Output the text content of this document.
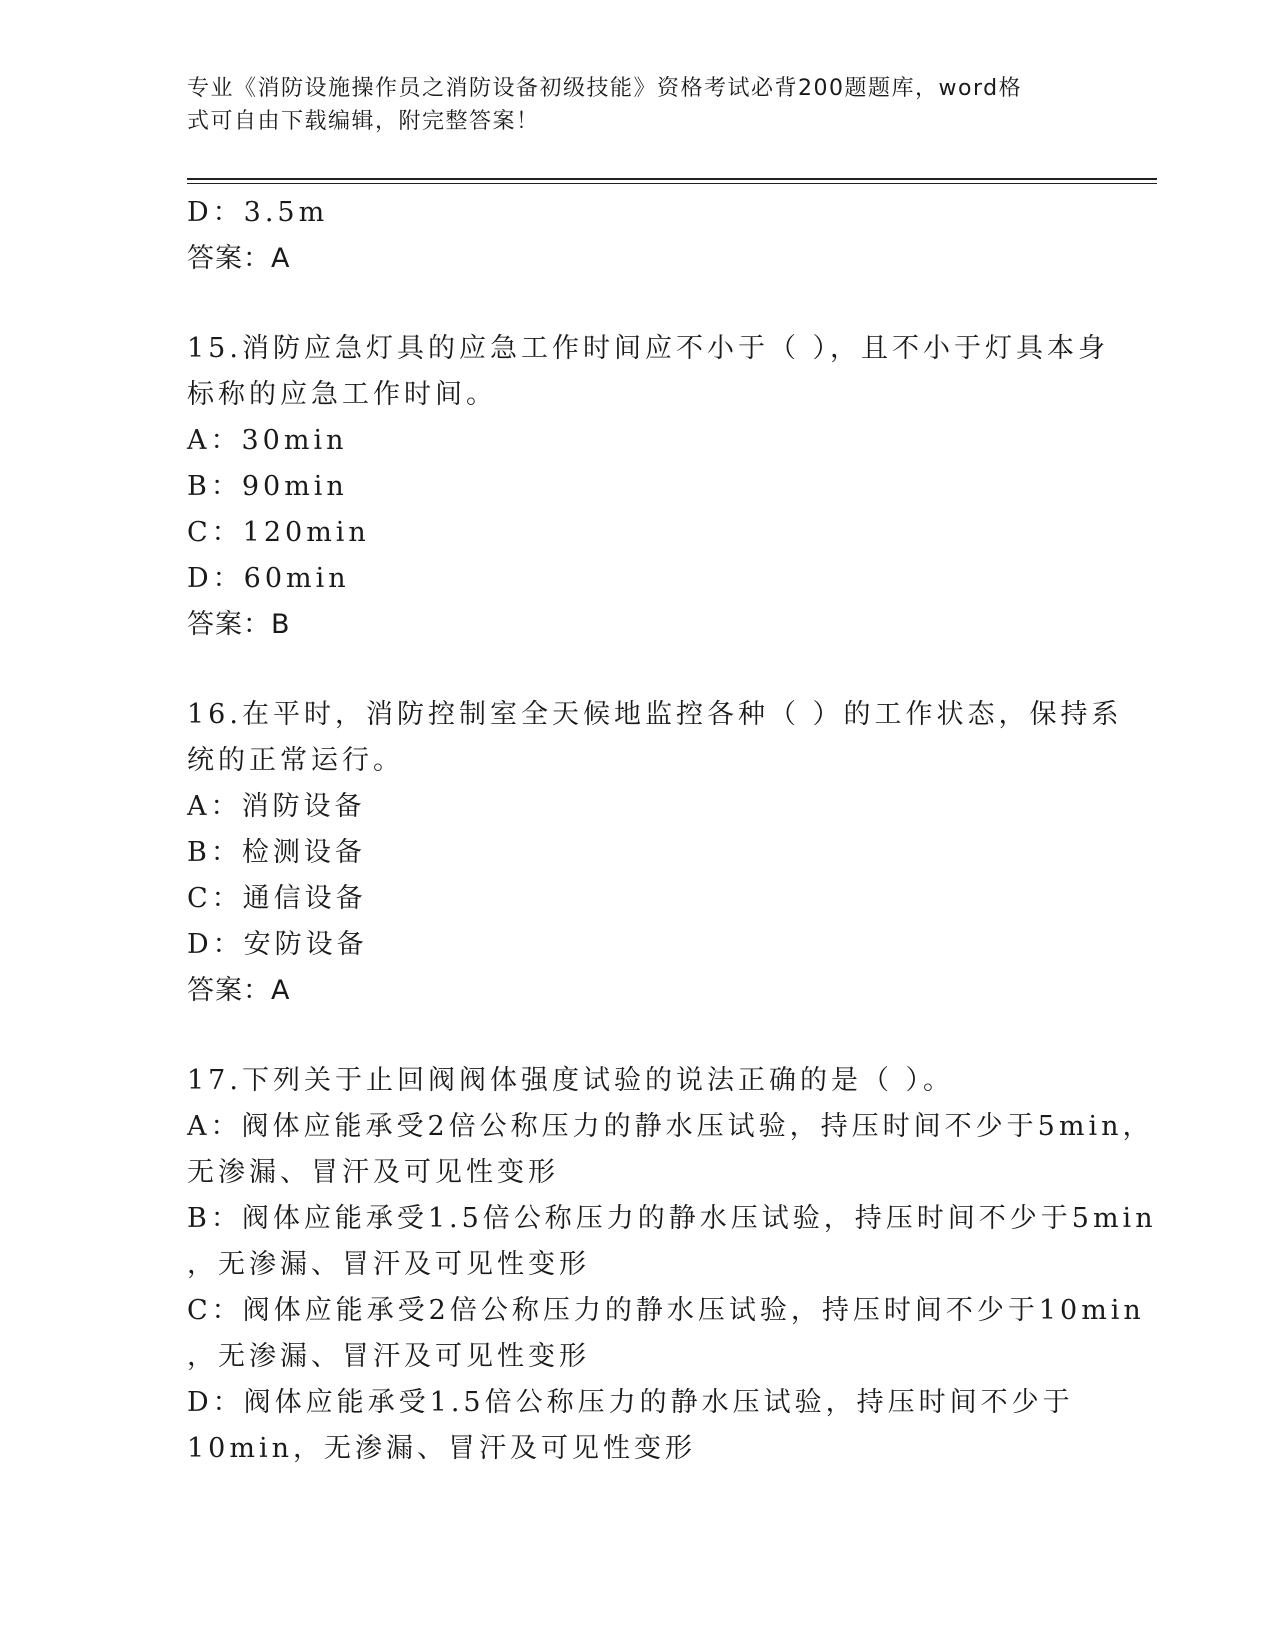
专业《消防设施操作员之消防设备初级技能》资格考试必背200题题库，word格
式可自由下载编辑，附完整答案！
D：3.5m
答案：A
15.消防应急灯具的应急工作时间应不小于（ ），且不小于灯具本身
标称的应急工作时间。
A：30min
B：90min
C：120min
D：60min
答案：B
16.在平时，消防控制室全天候地监控各种（ ）的工作状态，保持系
统的正常运行。
A：消防设备
B：检测设备
C：通信设备
D：安防设备
答案：A
17.下列关于止回阀阀体强度试验的说法正确的是（ ）。
A：阀体应能承受2倍公称压力的静水压试验，持压时间不少于5min，
无渗漏、冒汗及可见性变形
B：阀体应能承受1.5倍公称压力的静水压试验，持压时间不少于5min
，无渗漏、冒汗及可见性变形
C：阀体应能承受2倍公称压力的静水压试验，持压时间不少于10min
，无渗漏、冒汗及可见性变形
D：阀体应能承受1.5倍公称压力的静水压试验，持压时间不少于
10min，无渗漏、冒汗及可见性变形
